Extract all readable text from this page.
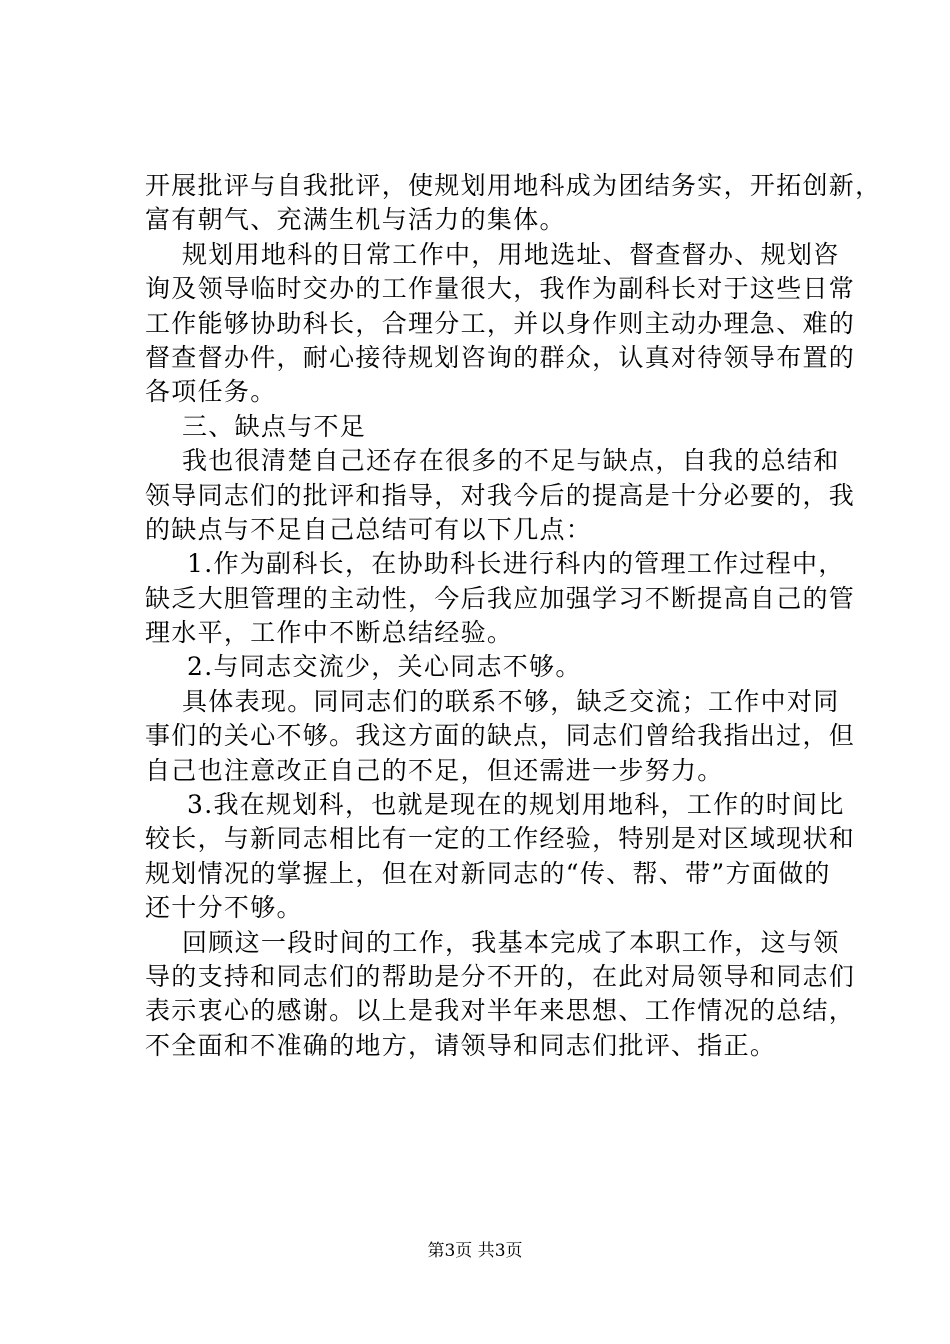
开展批评与自我批评，使规划用地科成为团结务实，开拓创新，
富有朝气、充满生机与活力的集体。
规划用地科的日常工作中，用地选址、督查督办、规划咨
询及领导临时交办的工作量很大，我作为副科长对于这些日常
工作能够协助科长，合理分工，并以身作则主动办理急、难的
督查督办件，耐心接待规划咨询的群众，认真对待领导布置的
各项任务。
三、缺点与不足
我也很清楚自己还存在很多的不足与缺点，自我的总结和
领导同志们的批评和指导，对我今后的提高是十分必要的，我
的缺点与不足自己总结可有以下几点：
1.作为副科长，在协助科长进行科内的管理工作过程中，
缺乏大胆管理的主动性，今后我应加强学习不断提高自己的管
理水平，工作中不断总结经验。
2.与同志交流少，关心同志不够。
具体表现。同同志们的联系不够，缺乏交流；工作中对同
事们的关心不够。我这方面的缺点，同志们曾给我指出过，但
自己也注意改正自己的不足，但还需进一步努力。
3.我在规划科，也就是现在的规划用地科，工作的时间比
较长，与新同志相比有一定的工作经验，特别是对区域现状和
规划情况的掌握上，但在对新同志的“传、帮、带”方面做的
还十分不够。
回顾这一段时间的工作，我基本完成了本职工作，这与领
导的支持和同志们的帮助是分不开的，在此对局领导和同志们
表示衷心的感谢。以上是我对半年来思想、工作情况的总结，
不全面和不准确的地方，请领导和同志们批评、指正。
第3页 共3页
